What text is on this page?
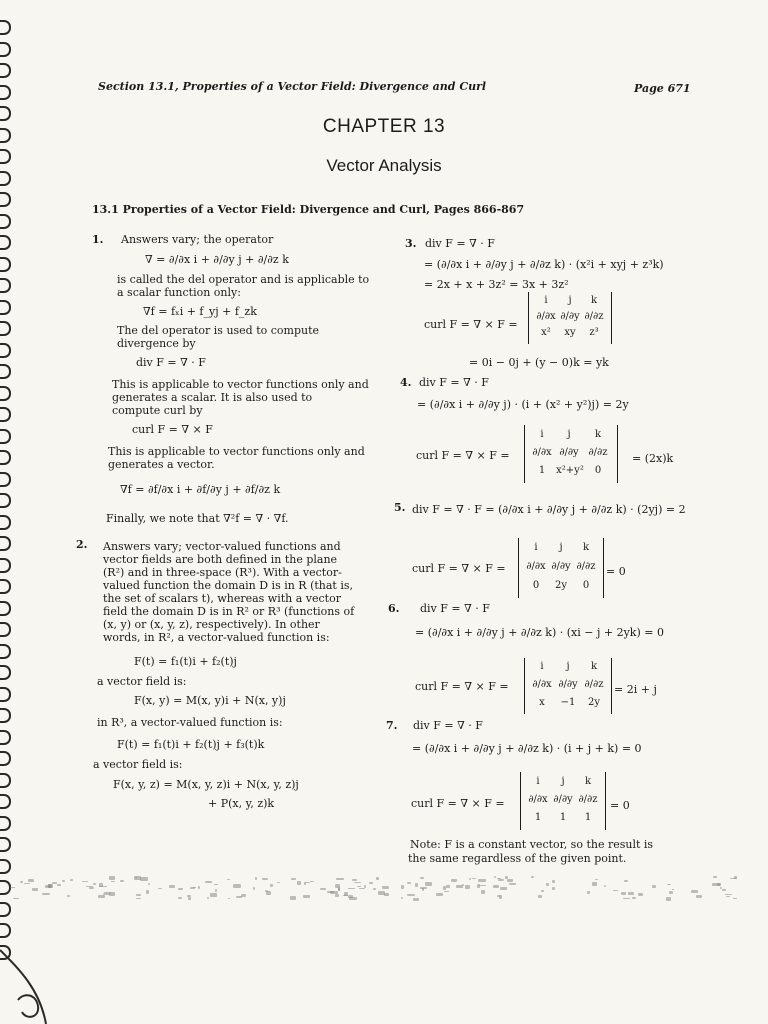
Section 13.1, Properties of a Vector Field: Divergence and Curl	Page 671
CHAPTER 13
Vector Analysis
13.1 Properties of a Vector Field: Divergence and Curl, Pages 866-867
1. Answers vary; the operator
∇ = ∂/∂x i + ∂/∂y j + ∂/∂z k
is called the del operator and is applicable to
a scalar function only:
∇f = fₓi + f_yj + f_zk
The del operator is used to compute
divergence by
div F = ∇ · F
This is applicable to vector functions only and
generates a scalar. It is also used to
compute curl by
curl F = ∇ × F
This is applicable to vector functions only and
generates a vector.
∇f = ∂f/∂x i + ∂f/∂y j + ∂f/∂z k
Finally, we note that ∇²f = ∇ · ∇f.
2. Answers vary; vector-valued functions and
vector fields are both defined in the plane
(R²) and in three-space (R³). With a vector-
valued function the domain D is in R (that is,
the set of scalars t), whereas with a vector
field the domain D is in R² or R³ (functions of
(x, y) or (x, y, z), respectively). In other
words, in R², a vector-valued function is:
F(t) = f₁(t)i + f₂(t)j
a vector field is:
F(x, y) = M(x, y)i + N(x, y)j
in R³, a vector-valued function is:
F(t) = f₁(t)i + f₂(t)j + f₃(t)k
a vector field is:
F(x, y, z) = M(x, y, z)i + N(x, y, z)j
+ P(x, y, z)k
3. div F = ∇ · F
= (∂/∂x i + ∂/∂y j + ∂/∂z k) · (x²i + xyj + z³k)
= 2x + x + 3z² = 3x + 3z²
curl F = ∇ × F =
i	j	k
∂/∂x ∂/∂y ∂/∂z
x²	xy	z³
= 0i − 0j + (y − 0)k = yk
4. div F = ∇ · F
= (∂/∂x i + ∂/∂y j) · (i + (x² + y²)j) = 2y
curl F = ∇ × F =
i	j	k
∂/∂x ∂/∂y ∂/∂z
1	x²+y²	0
= (2x)k
5. div F = ∇ · F = (∂/∂x i + ∂/∂y j + ∂/∂z k) · (2yj) = 2
curl F = ∇ × F =
i	j	k
∂/∂x ∂/∂y ∂/∂z
0	2y	0
= 0
6. div F = ∇ · F
= (∂/∂x i + ∂/∂y j + ∂/∂z k) · (xi − j + 2yk) = 0
curl F = ∇ × F =
i	j	k
∂/∂x ∂/∂y ∂/∂z
x	−1	2y
= 2i + j
7. div F = ∇ · F
= (∂/∂x i + ∂/∂y j + ∂/∂z k) · (i + j + k) = 0
curl F = ∇ × F =
i	j	k
∂/∂x ∂/∂y ∂/∂z
1	1	1
= 0
Note: F is a constant vector, so the result is
the same regardless of the given point.
